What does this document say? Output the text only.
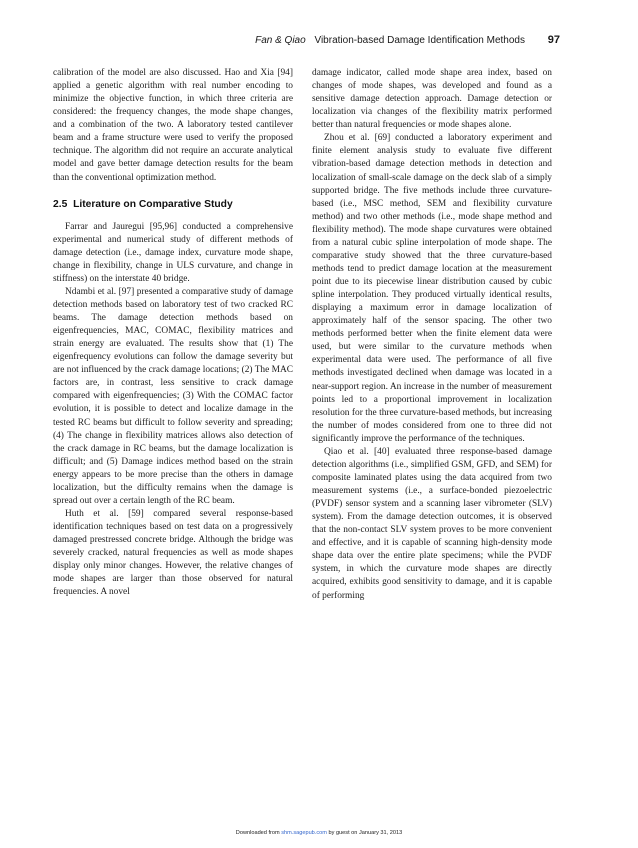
Fan & Qiao Vibration-based Damage Identification Methods 97

calibration of the model are also discussed. Hao and Xia [94] applied a genetic algorithm with real number encoding to minimize the objective function, in which three criteria are considered: the frequency changes, the mode shape changes, and a combination of the two. A laboratory tested cantilever beam and a frame structure were used to verify the proposed technique. The algorithm did not require an accurate analytical model and gave better damage detection results for the beam than the conventional optimization method.

2.5 Literature on Comparative Study

Farrar and Jauregui [95,96] conducted a comprehensive experimental and numerical study of different methods of damage detection (i.e., damage index, curvature mode shape, change in flexibility, change in ULS curvature, and change in stiffness) on the interstate 40 bridge.

Ndambi et al. [97] presented a comparative study of damage detection methods based on laboratory test of two cracked RC beams. The damage detection methods based on eigenfrequencies, MAC, COMAC, flexibility matrices and strain energy are evaluated. The results show that (1) The eigenfrequency evolutions can follow the damage severity but are not influenced by the crack damage locations; (2) The MAC factors are, in contrast, less sensitive to crack damage compared with eigenfrequencies; (3) With the COMAC factor evolution, it is possible to detect and localize damage in the tested RC beams but difficult to follow severity and spreading; (4) The change in flexibility matrices allows also detection of the crack damage in RC beams, but the damage localization is difficult; and (5) Damage indices method based on the strain energy appears to be more precise than the others in damage localization, but the difficulty remains when the damage is spread out over a certain length of the RC beam.

Huth et al. [59] compared several response-based identification techniques based on test data on a progressively damaged prestressed concrete bridge. Although the bridge was severely cracked, natural frequencies as well as mode shapes display only minor changes. However, the relative changes of mode shapes are larger than those observed for natural frequencies. A novel

damage indicator, called mode shape area index, based on changes of mode shapes, was developed and found as a sensitive damage detection approach. Damage detection or localization via changes of the flexibility matrix performed better than natural frequencies or mode shapes alone.

Zhou et al. [69] conducted a laboratory experiment and finite element analysis study to evaluate five different vibration-based damage detection methods in detection and localization of small-scale damage on the deck slab of a simply supported bridge. The five methods include three curvature-based (i.e., MSC method, SEM and flexibility curvature method) and two other methods (i.e., mode shape method and flexibility method). The mode shape curvatures were obtained from a natural cubic spline interpolation of mode shape. The comparative study showed that the three curvature-based methods tend to predict damage location at the measurement point due to its piecewise linear distribution caused by cubic spline interpolation. They produced virtually identical results, displaying a maximum error in damage localization of approximately half of the sensor spacing. The other two methods performed better when the finite element data were used, but were similar to the curvature methods when experimental data were used. The performance of all five methods investigated declined when damage was located in a near-support region. An increase in the number of measurement points led to a proportional improvement in localization resolution for the three curvature-based methods, but increasing the number of modes considered from one to three did not significantly improve the performance of the techniques.

Qiao et al. [40] evaluated three response-based damage detection algorithms (i.e., simplified GSM, GFD, and SEM) for composite laminated plates using the data acquired from two measurement systems (i.e., a surface-bonded piezoelectric (PVDF) sensor system and a scanning laser vibrometer (SLV) system). From the damage detection outcomes, it is observed that the non-contact SLV system proves to be more convenient and effective, and it is capable of scanning high-density mode shape data over the entire plate specimens; while the PVDF system, in which the curvature mode shapes are directly acquired, exhibits good sensitivity to damage, and it is capable of performing

Downloaded from shm.sagepub.com by guest on January 31, 2013
